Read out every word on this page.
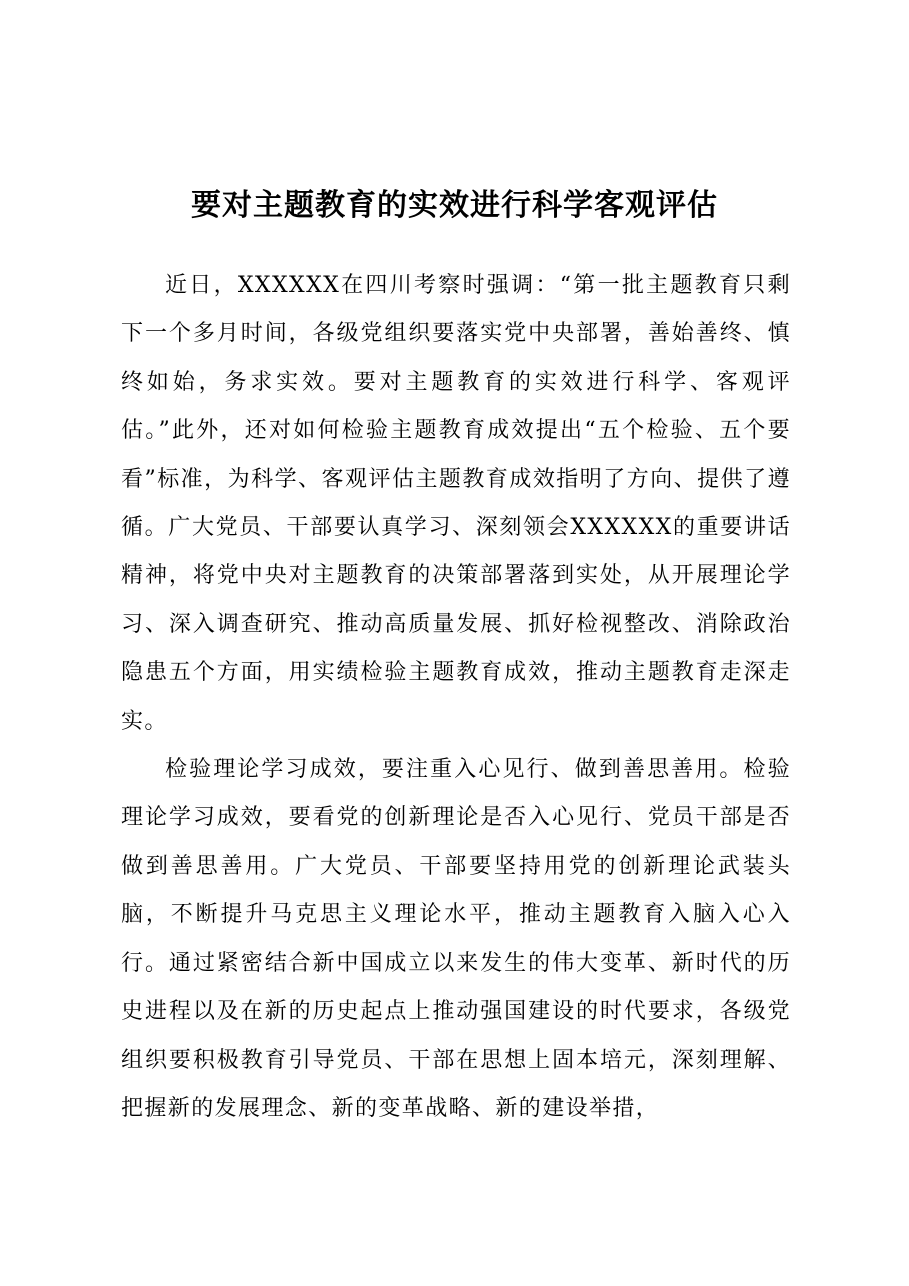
要对主题教育的实效进行科学客观评估

近日，XXXXXX在四川考察时强调：“第一批主题教育只剩下一个多月时间，各级党组织要落实党中央部署，善始善终、慎终如始，务求实效。要对主题教育的实效进行科学、客观评估。”此外，还对如何检验主题教育成效提出“五个检验、五个要看”标准，为科学、客观评估主题教育成效指明了方向、提供了遵循。广大党员、干部要认真学习、深刻领会XXXXXX的重要讲话精神，将党中央对主题教育的决策部署落到实处，从开展理论学习、深入调查研究、推动高质量发展、抓好检视整改、消除政治隐患五个方面，用实绩检验主题教育成效，推动主题教育走深走实。

检验理论学习成效，要注重入心见行、做到善思善用。检验理论学习成效，要看党的创新理论是否入心见行、党员干部是否做到善思善用。广大党员、干部要坚持用党的创新理论武装头脑，不断提升马克思主义理论水平，推动主题教育入脑入心入行。通过紧密结合新中国成立以来发生的伟大变革、新时代的历史进程以及在新的历史起点上推动强国建设的时代要求，各级党组织要积极教育引导党员、干部在思想上固本培元，深刻理解、把握新的发展理念、新的变革战略、新的建设举措，
